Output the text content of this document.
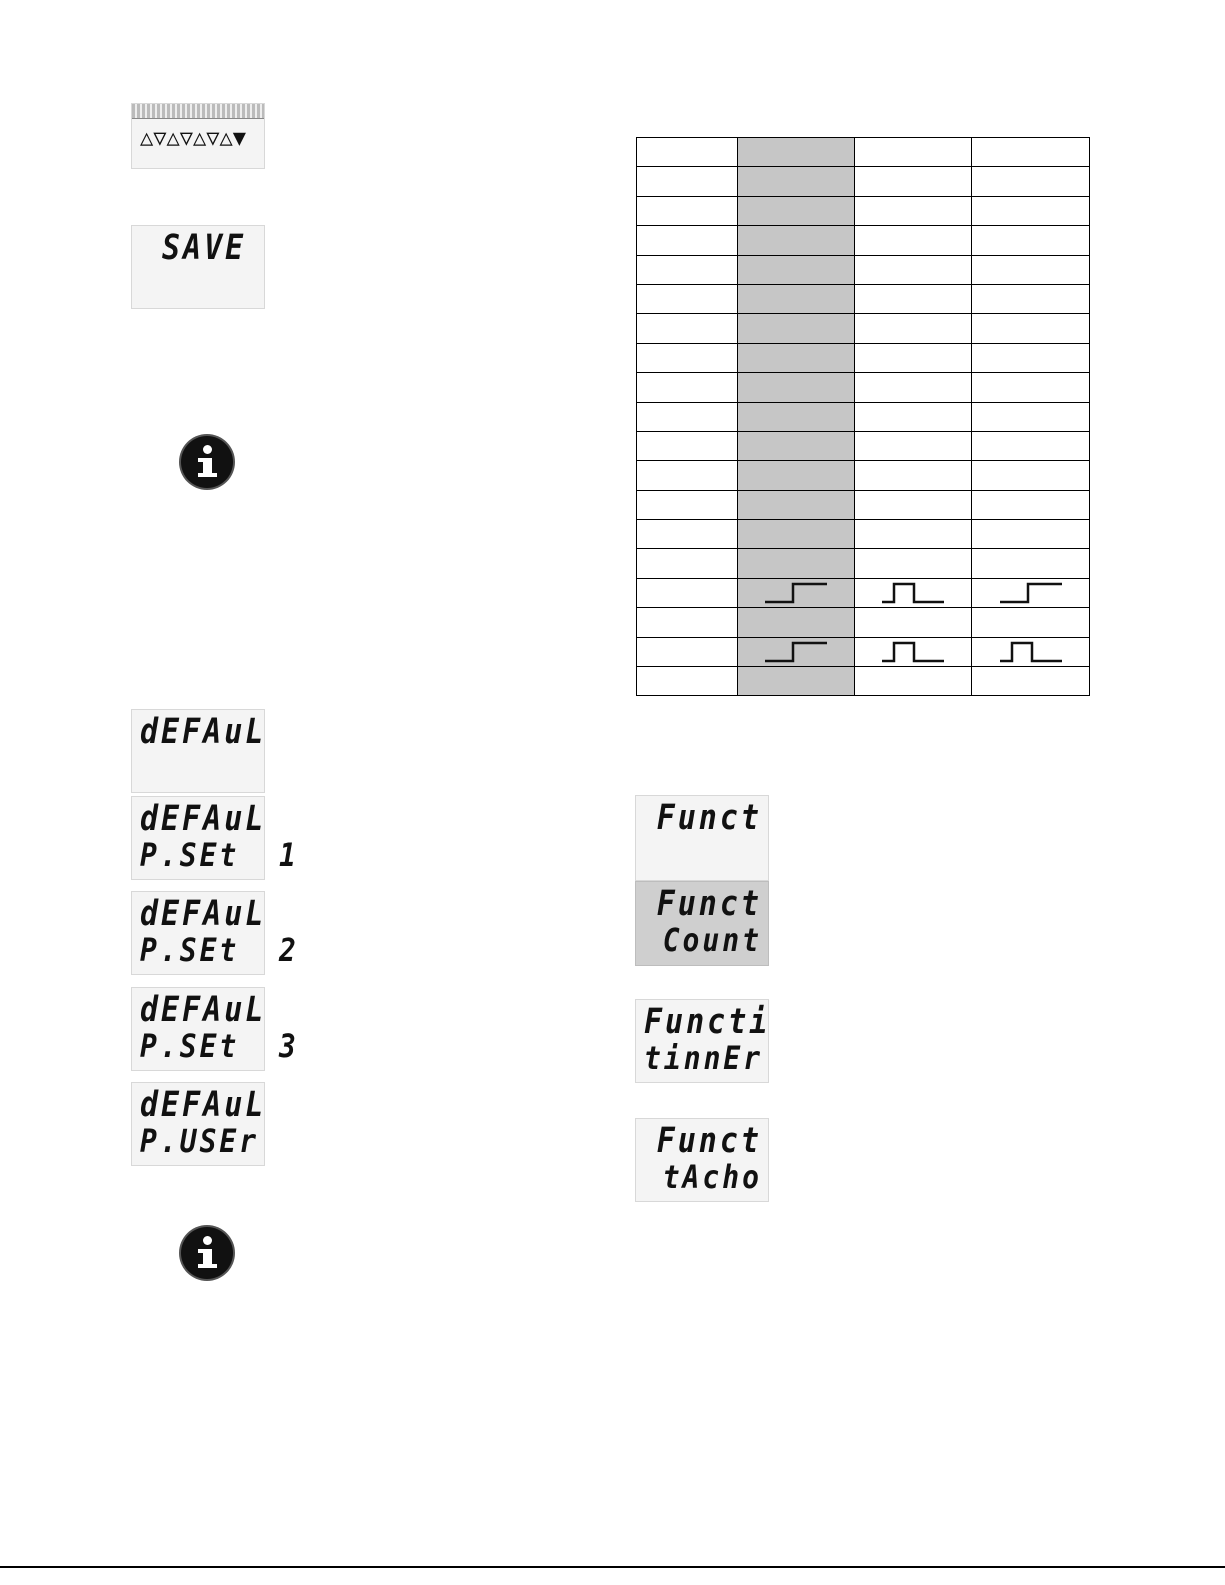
△▽△▽△▽△▼
SAVE
dEFAuL
dEFAuL
P.SEt  1
dEFAuL
P.SEt  2
dEFAuL
P.SEt  3
dEFAuL
P.USEr

Funct
Funct
Count
Functi
tinnEr
Funct
tAcho
